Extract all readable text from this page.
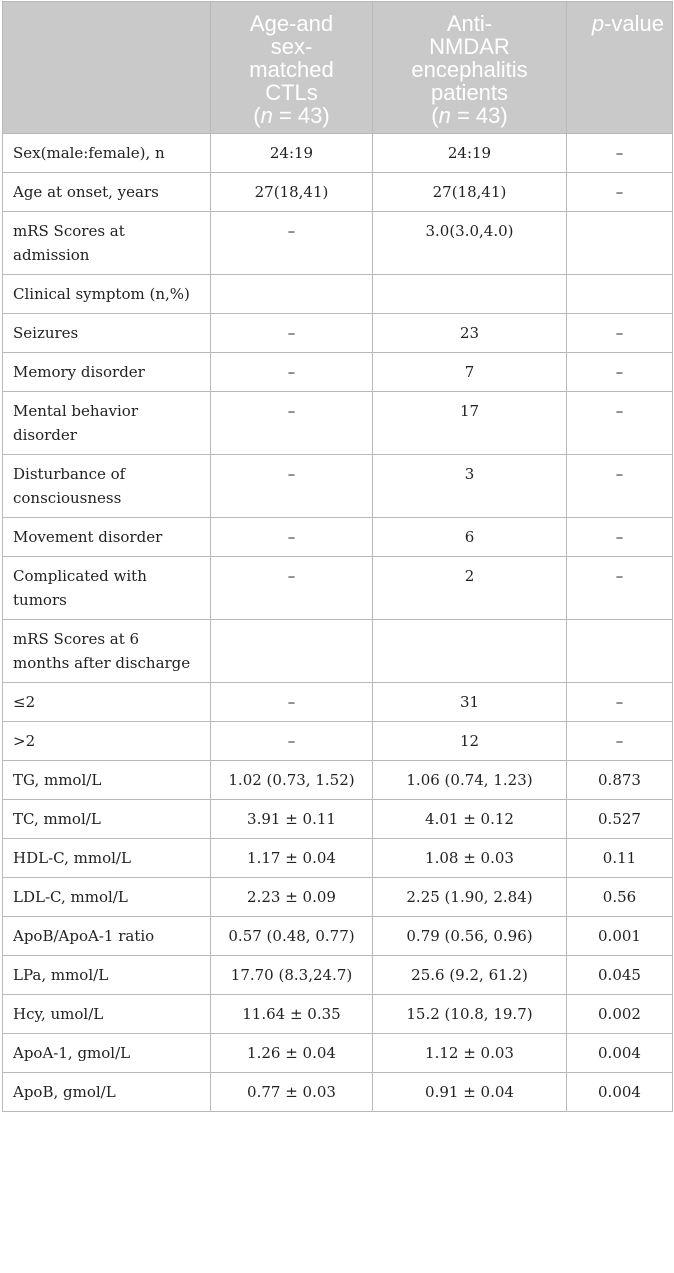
	Age-and
sex-
matched
CTLs
(n = 43)	Anti-
NMDAR
encephalitis
patients
(n = 43)	p-value
Sex(male:female), n	24:19	24:19	–
Age at onset, years	27(18,41)	27(18,41)	–
mRS Scores at admission	–	3.0(3.0,4.0)	
Clinical symptom (n,%)			
Seizures	–	23	–
Memory disorder	–	7	–
Mental behavior disorder	–	17	–
Disturbance of consciousness	–	3	–
Movement disorder	–	6	–
Complicated with tumors	–	2	–
mRS Scores at 6 months after discharge			
≤2	–	31	–
>2	–	12	–
TG, mmol/L	1.02 (0.73, 1.52)	1.06 (0.74, 1.23)	0.873
TC, mmol/L	3.91 ± 0.11	4.01 ± 0.12	0.527
HDL-C, mmol/L	1.17 ± 0.04	1.08 ± 0.03	0.11
LDL-C, mmol/L	2.23 ± 0.09	2.25 (1.90, 2.84)	0.56
ApoB/ApoA-1 ratio	0.57 (0.48, 0.77)	0.79 (0.56, 0.96)	0.001
LPa, mmol/L	17.70 (8.3,24.7)	25.6 (9.2, 61.2)	0.045
Hcy, umol/L	11.64 ± 0.35	15.2 (10.8, 19.7)	0.002
ApoA-1, gmol/L	1.26 ± 0.04	1.12 ± 0.03	0.004
ApoB, gmol/L	0.77 ± 0.03	0.91 ± 0.04	0.004
